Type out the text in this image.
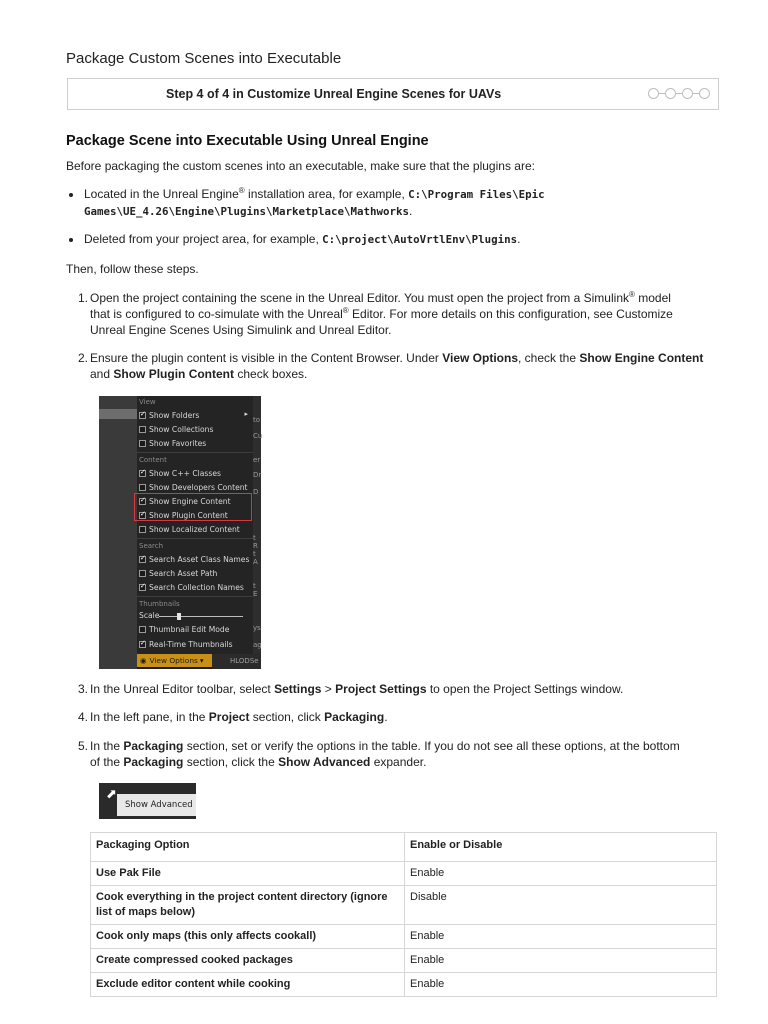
Package Custom Scenes into Executable
Step 4 of 4 in Customize Unreal Engine Scenes for UAVs
Package Scene into Executable Using Unreal Engine
Before packaging the custom scenes into an executable, make sure that the plugins are:
Located in the Unreal Engine® installation area, for example, C:\Program Files\Epic
Games\UE_4.26\Engine\Plugins\Marketplace\Mathworks.
Deleted from your project area, for example, C:\project\AutoVrtlEnv\Plugins.
Then, follow these steps.
1. Open the project containing the scene in the Unreal Editor. You must open the project from a Simulink® model
that is configured to co-simulate with the Unreal® Editor. For more details on this configuration, see Customize
Unreal Engine Scenes Using Simulink and Unreal Editor.
2. Ensure the plugin content is visible in the Content Browser. Under View Options, check the Show Engine Content
and Show Plugin Content check boxes.
View
✓
Show Folders	▸
Show Collections
Show Favorites
Content
✓
Show C++ Classes
Show Developers Content
✓
Show Engine Content
✓
Show Plugin Content
Show Localized Content
Search
✓
Search Asset Class Names
Search Asset Path
✓
Search Collection Names
Thumbnails
Scale
Thumbnail Edit Mode
✓
Real-Time Thumbnails
to
Cu
er
Dr
D
t R
t A
t E
ys
ag
◉ View Options ▾	HLODSe
3. In the Unreal Editor toolbar, select Settings > Project Settings to open the Project Settings window.
4. In the left pane, in the Project section, click Packaging.
5. In the Packaging section, set or verify the options in the table. If you do not see all these options, at the bottom
of the Packaging section, click the Show Advanced expander.
⬈
Show Advanced
Packaging Option	Enable or Disable
Use Pak File	Enable
Cook everything in the project content directory (ignore list of maps below)	Disable
Cook only maps (this only affects cookall)	Enable
Create compressed cooked packages	Enable
Exclude editor content while cooking	Enable
